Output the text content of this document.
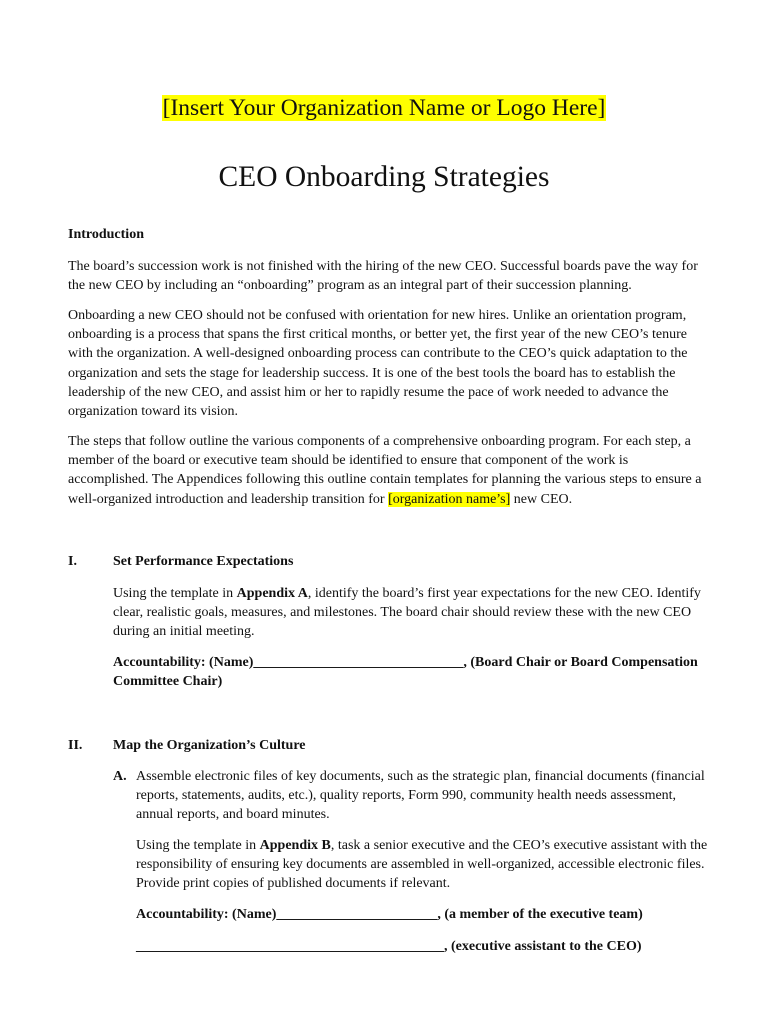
[Insert Your Organization Name or Logo Here]
CEO Onboarding Strategies

Introduction

The board’s succession work is not finished with the hiring of the new CEO. Successful boards pave the way for the new CEO by including an “onboarding” program as an integral part of their succession planning.

Onboarding a new CEO should not be confused with orientation for new hires. Unlike an orientation program, onboarding is a process that spans the first critical months, or better yet, the first year of the new CEO’s tenure with the organization. A well-designed onboarding process can contribute to the CEO’s quick adaptation to the organization and sets the stage for leadership success. It is one of the best tools the board has to establish the leadership of the new CEO, and assist him or her to rapidly resume the pace of work needed to advance the organization toward its vision.

The steps that follow outline the various components of a comprehensive onboarding program. For each step, a member of the board or executive team should be identified to ensure that component of the work is accomplished. The Appendices following this outline contain templates for planning the various steps to ensure a well-organized introduction and leadership transition for [organization name’s] new CEO.

I.	Set Performance Expectations

Using the template in Appendix A, identify the board’s first year expectations for the new CEO. Identify clear, realistic goals, measures, and milestones. The board chair should review these with the new CEO during an initial meeting.

Accountability: (Name)______________________________, (Board Chair or Board Compensation Committee Chair)

II. Map the Organization’s Culture

A. Assemble electronic files of key documents, such as the strategic plan, financial documents (financial reports, statements, audits, etc.), quality reports, Form 990, community health needs assessment, annual reports, and board minutes.

Using the template in Appendix B, task a senior executive and the CEO’s executive assistant with the responsibility of ensuring key documents are assembled in well-organized, accessible electronic files. Provide print copies of published documents if relevant.

Accountability: (Name)_______________________, (a member of the executive team)

____________________________________________, (executive assistant to the CEO)
